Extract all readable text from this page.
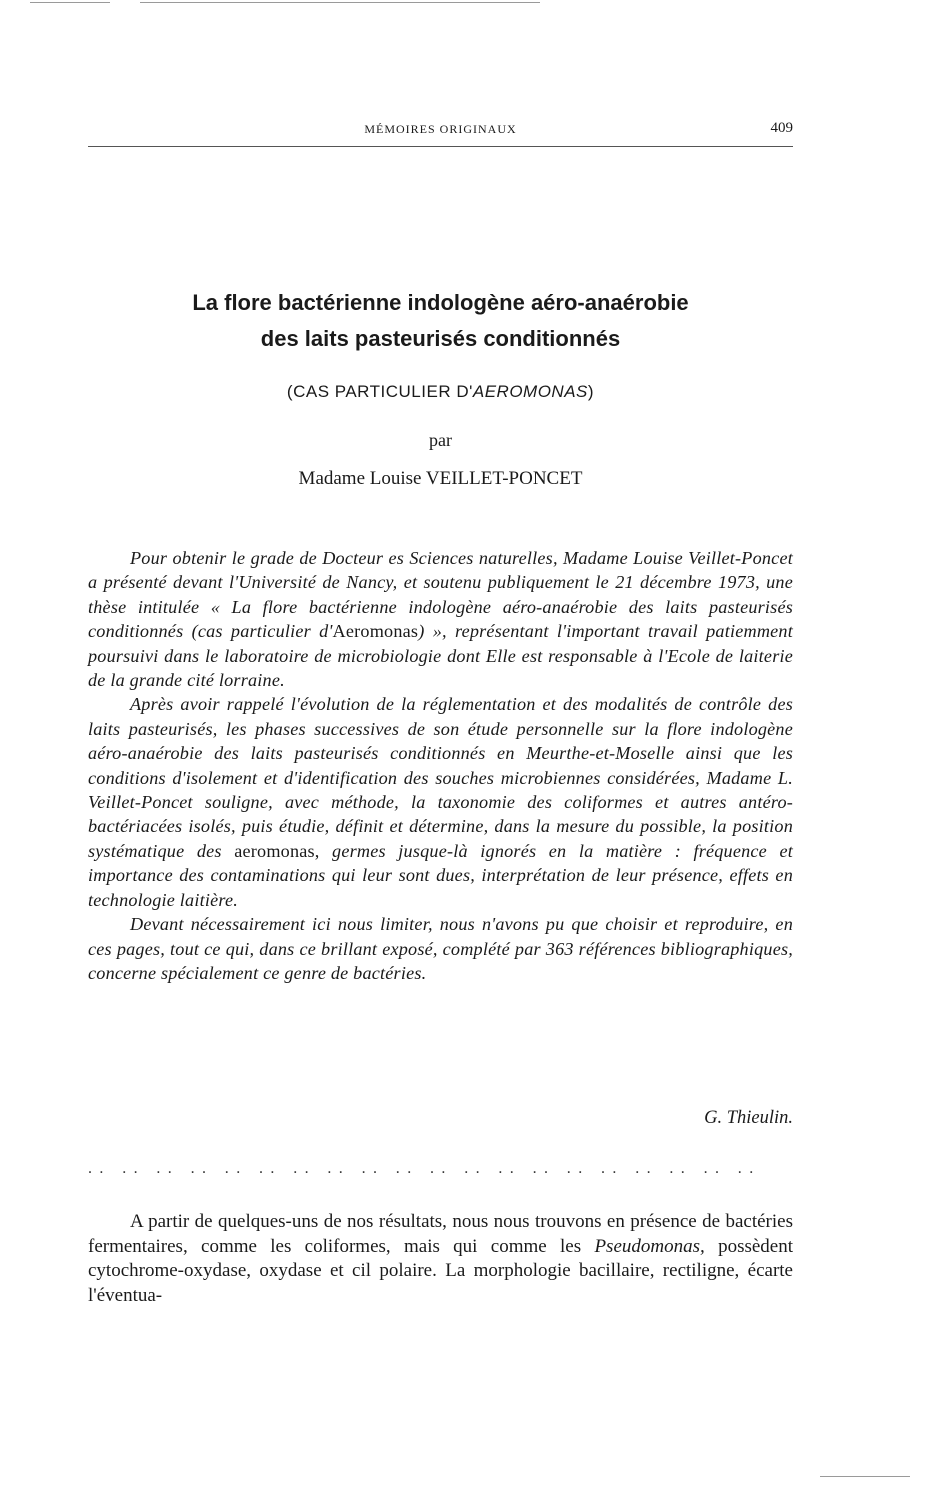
MÉMOIRES ORIGINAUX	409
La flore bactérienne indologène aéro-anaérobie
des laits pasteurisés conditionnés
(CAS PARTICULIER D'AEROMONAS)
par
Madame Louise VEILLET-PONCET

Pour obtenir le grade de Docteur es Sciences naturelles, Madame Louise Veillet-Poncet a présenté devant l'Université de Nancy, et soutenu publiquement le 21 décembre 1973, une thèse intitulée « La flore bactérienne indologène aéro-anaérobie des laits pasteurisés conditionnés (cas particulier d'Aeromonas) », représentant l'important travail patiemment poursuivi dans le laboratoire de microbiologie dont Elle est responsable à l'Ecole de laiterie de la grande cité lorraine.

Après avoir rappelé l'évolution de la réglementation et des modalités de contrôle des laits pasteurisés, les phases successives de son étude personnelle sur la flore indologène aéro-anaérobie des laits pasteurisés conditionnés en Meurthe-et-Moselle ainsi que les conditions d'isolement et d'identification des souches microbiennes considérées, Madame L. Veillet-Poncet souligne, avec méthode, la taxonomie des coliformes et autres antéro-bactériacées isolés, puis étudie, définit et détermine, dans la mesure du possible, la position systématique des aeromonas, germes jusque-là ignorés en la matière : fréquence et importance des contaminations qui leur sont dues, interprétation de leur présence, effets en technologie laitière.

Devant nécessairement ici nous limiter, nous n'avons pu que choisir et reproduire, en ces pages, tout ce qui, dans ce brillant exposé, complété par 363 références bibliographiques, concerne spécialement ce genre de bactéries.

G. Thieulin.
.. .. .. .. .. .. .. .. .. .. .. .. .. .. .. .. .. .. .. ..

A partir de quelques-uns de nos résultats, nous nous trouvons en présence de bactéries fermentaires, comme les coliformes, mais qui comme les Pseudomonas, possèdent cytochrome-oxydase, oxydase et cil polaire. La morphologie bacillaire, rectiligne, écarte l'éventua-
